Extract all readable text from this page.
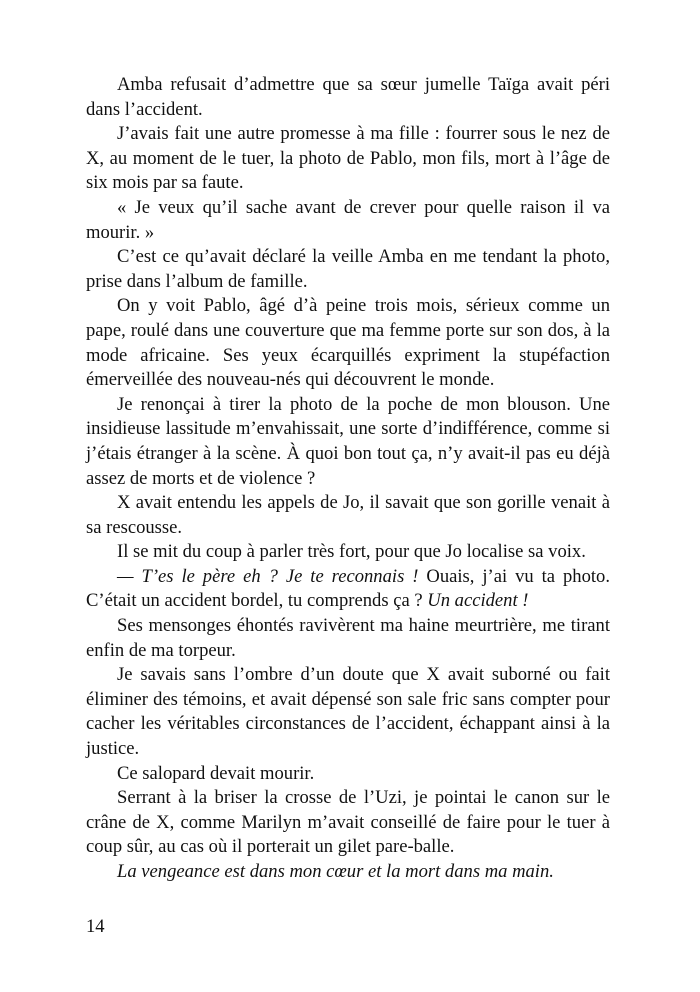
Amba refusait d’admettre que sa sœur jumelle Taïga avait péri dans l’accident.

J’avais fait une autre promesse à ma fille : fourrer sous le nez de X, au moment de le tuer, la photo de Pablo, mon fils, mort à l’âge de six mois par sa faute.

« Je veux qu’il sache avant de crever pour quelle raison il va mourir. »

C’est ce qu’avait déclaré la veille Amba en me tendant la photo, prise dans l’album de famille.

On y voit Pablo, âgé d’à peine trois mois, sérieux comme un pape, roulé dans une couverture que ma femme porte sur son dos, à la mode africaine. Ses yeux écarquillés expriment la stupéfaction émerveillée des nouveau-nés qui découvrent le monde.

Je renonçai à tirer la photo de la poche de mon blouson. Une insidieuse lassitude m’envahissait, une sorte d’indifférence, comme si j’étais étranger à la scène. À quoi bon tout ça, n’y avait-il pas eu déjà assez de morts et de violence ?

X avait entendu les appels de Jo, il savait que son gorille venait à sa rescousse.

Il se mit du coup à parler très fort, pour que Jo localise sa voix.

— T’es le père eh ? Je te reconnais ! Ouais, j’ai vu ta photo. C’était un accident bordel, tu comprends ça ? Un accident !

Ses mensonges éhontés ravivèrent ma haine meurtrière, me tirant enfin de ma torpeur.

Je savais sans l’ombre d’un doute que X avait suborné ou fait éliminer des témoins, et avait dépensé son sale fric sans compter pour cacher les véritables circonstances de l’accident, échappant ainsi à la justice.

Ce salopard devait mourir.

Serrant à la briser la crosse de l’Uzi, je pointai le canon sur le crâne de X, comme Marilyn m’avait conseillé de faire pour le tuer à coup sûr, au cas où il porterait un gilet pare-balle.

La vengeance est dans mon cœur et la mort dans ma main.

14
